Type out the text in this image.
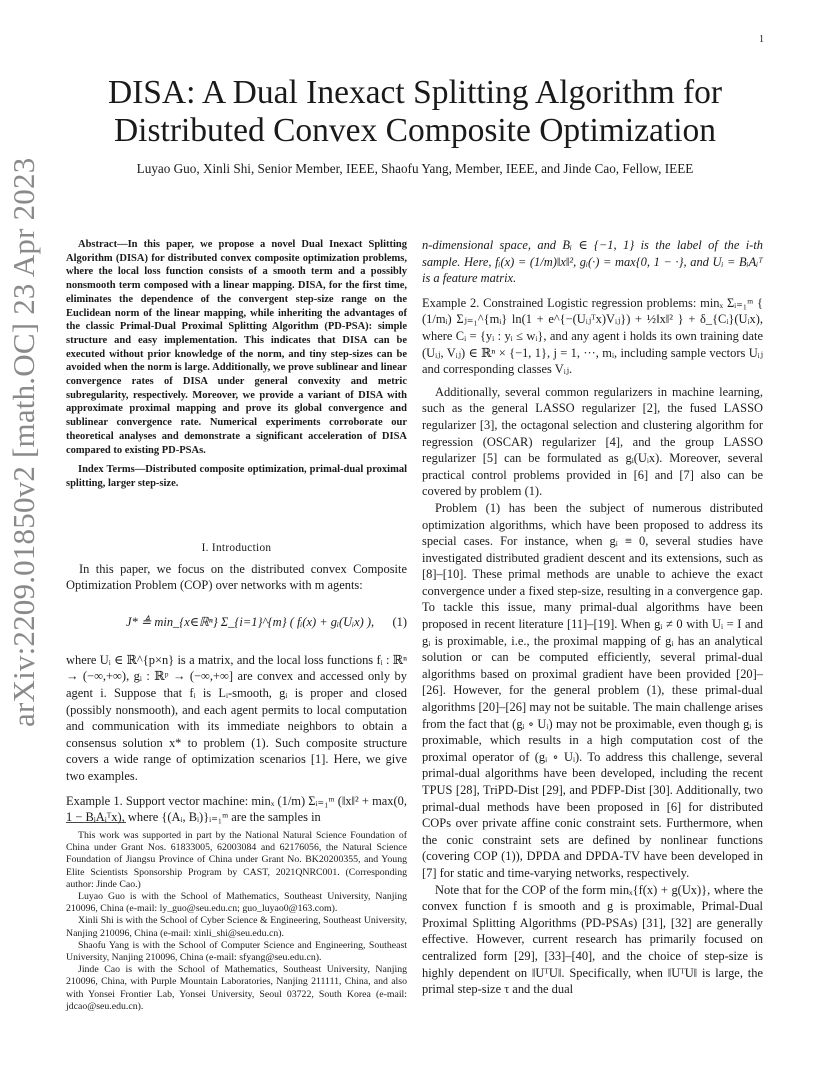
1
arXiv:2209.01850v2 [math.OC] 23 Apr 2023
DISA: A Dual Inexact Splitting Algorithm for
Distributed Convex Composite Optimization
Luyao Guo, Xinli Shi, Senior Member, IEEE, Shaofu Yang, Member, IEEE, and Jinde Cao, Fellow, IEEE
Abstract—In this paper, we propose a novel Dual Inexact Splitting Algorithm (DISA) for distributed convex composite optimization problems, where the local loss function consists of a smooth term and a possibly nonsmooth term composed with a linear mapping. DISA, for the first time, eliminates the dependence of the convergent step-size range on the Euclidean norm of the linear mapping, while inheriting the advantages of the classic Primal-Dual Proximal Splitting Algorithm (PD-PSA): simple structure and easy implementation. This indicates that DISA can be executed without prior knowledge of the norm, and tiny step-sizes can be avoided when the norm is large. Additionally, we prove sublinear and linear convergence rates of DISA under general convexity and metric subregularity, respectively. Moreover, we provide a variant of DISA with approximate proximal mapping and prove its global convergence and sublinear convergence rate. Numerical experiments corroborate our theoretical analyses and demonstrate a significant acceleration of DISA compared to existing PD-PSAs.
Index Terms—Distributed composite optimization, primal-dual proximal splitting, larger step-size.
I. Introduction

In this paper, we focus on the distributed convex Composite Optimization Problem (COP) over networks with m agents:

J* ≜ min_{x∈ℝⁿ} Σ_{i=1}^{m} ( fᵢ(x) + gᵢ(Uᵢx) ), (1)

where Uᵢ ∈ ℝ^{p×n} is a matrix, and the local loss functions fᵢ : ℝⁿ → (−∞,+∞), gᵢ : ℝᵖ → (−∞,+∞] are convex and accessed only by agent i. Suppose that fᵢ is Lᵢ-smooth, gᵢ is proper and closed (possibly nonsmooth), and each agent permits to local computation and communication with its immediate neighbors to obtain a consensus solution x* to problem (1). Such composite structure covers a wide range of optimization scenarios [1]. Here, we give two examples.

Example 1. Support vector machine: minₓ (1/m) Σᵢ₌₁ᵐ (‖x‖² + max(0, 1 − BᵢAᵢᵀx), where {(Aᵢ, Bᵢ)}ᵢ₌₁ᵐ are the samples in

This work was supported in part by the National Natural Science Foundation of China under Grant Nos. 61833005, 62003084 and 62176056, the Natural Science Foundation of Jiangsu Province of China under Grant No. BK20200355, and Young Elite Scientists Sponsorship Program by CAST, 2021QNRC001. (Corresponding author: Jinde Cao.)

Luyao Guo is with the School of Mathematics, Southeast University, Nanjing 210096, China (e-mail: ly_guo@seu.edu.cn; guo_luyao0@163.com).

Xinli Shi is with the School of Cyber Science & Engineering, Southeast University, Nanjing 210096, China (e-mail: xinli_shi@seu.edu.cn).

Shaofu Yang is with the School of Computer Science and Engineering, Southeast University, Nanjing 210096, China (e-mail: sfyang@seu.edu.cn).

Jinde Cao is with the School of Mathematics, Southeast University, Nanjing 210096, China, with Purple Mountain Laboratories, Nanjing 211111, China, and also with Yonsei Frontier Lab, Yonsei University, Seoul 03722, South Korea (e-mail: jdcao@seu.edu.cn).

n-dimensional space, and Bᵢ ∈ {−1, 1} is the label of the i-th sample. Here, fᵢ(x) = (1/m)‖x‖², gᵢ(·) = max{0, 1 − ·}, and Uᵢ = BᵢAᵢᵀ is a feature matrix.

Example 2. Constrained Logistic regression problems: minₓ Σᵢ₌₁ᵐ { (1/mᵢ) Σⱼ₌₁^{mᵢ} ln(1 + e^{−(Uᵢⱼᵀx)Vᵢⱼ}) + ½‖x‖² } + δ_{Cᵢ}(Uᵢx), where Cᵢ = {yᵢ : yᵢ ≤ wᵢ}, and any agent i holds its own training date (Uᵢⱼ, Vᵢⱼ) ∈ ℝⁿ × {−1, 1}, j = 1, ···, mᵢ, including sample vectors Uᵢⱼ and corresponding classes Vᵢⱼ.

Additionally, several common regularizers in machine learning, such as the general LASSO regularizer [2], the fused LASSO regularizer [3], the octagonal selection and clustering algorithm for regression (OSCAR) regularizer [4], and the group LASSO regularizer [5] can be formulated as gᵢ(Uᵢx). Moreover, several practical control problems provided in [6] and [7] also can be covered by problem (1).

Problem (1) has been the subject of numerous distributed optimization algorithms, which have been proposed to address its special cases. For instance, when gᵢ ≡ 0, several studies have investigated distributed gradient descent and its extensions, such as [8]–[10]. These primal methods are unable to achieve the exact convergence under a fixed step-size, resulting in a convergence gap. To tackle this issue, many primal-dual algorithms have been proposed in recent literature [11]–[19]. When gᵢ ≠ 0 with Uᵢ = I and gᵢ is proximable, i.e., the proximal mapping of gᵢ has an analytical solution or can be computed efficiently, several primal-dual algorithms based on proximal gradient have been provided [20]–[26]. However, for the general problem (1), these primal-dual algorithms [20]–[26] may not be suitable. The main challenge arises from the fact that (gᵢ ∘ Uᵢ) may not be proximable, even though gᵢ is proximable, which results in a high computation cost of the proximal operator of (gᵢ ∘ Uᵢ). To address this challenge, several primal-dual algorithms have been developed, including the recent TPUS [28], TriPD-Dist [29], and PDFP-Dist [30]. Additionally, two primal-dual methods have been proposed in [6] for distributed COPs over private affine conic constraint sets. Furthermore, when the conic constraint sets are defined by nonlinear functions (covering COP (1)), DPDA and DPDA-TV have been developed in [7] for static and time-varying networks, respectively.

Note that for the COP of the form minₓ{f(x) + g(Ux)}, where the convex function f is smooth and g is proximable, Primal-Dual Proximal Splitting Algorithms (PD-PSAs) [31], [32] are generally effective. However, current research has primarily focused on centralized form [29], [33]–[40], and the choice of step-size is highly dependent on ‖UᵀU‖. Specifically, when ‖UᵀU‖ is large, the primal step-size τ and the dual
